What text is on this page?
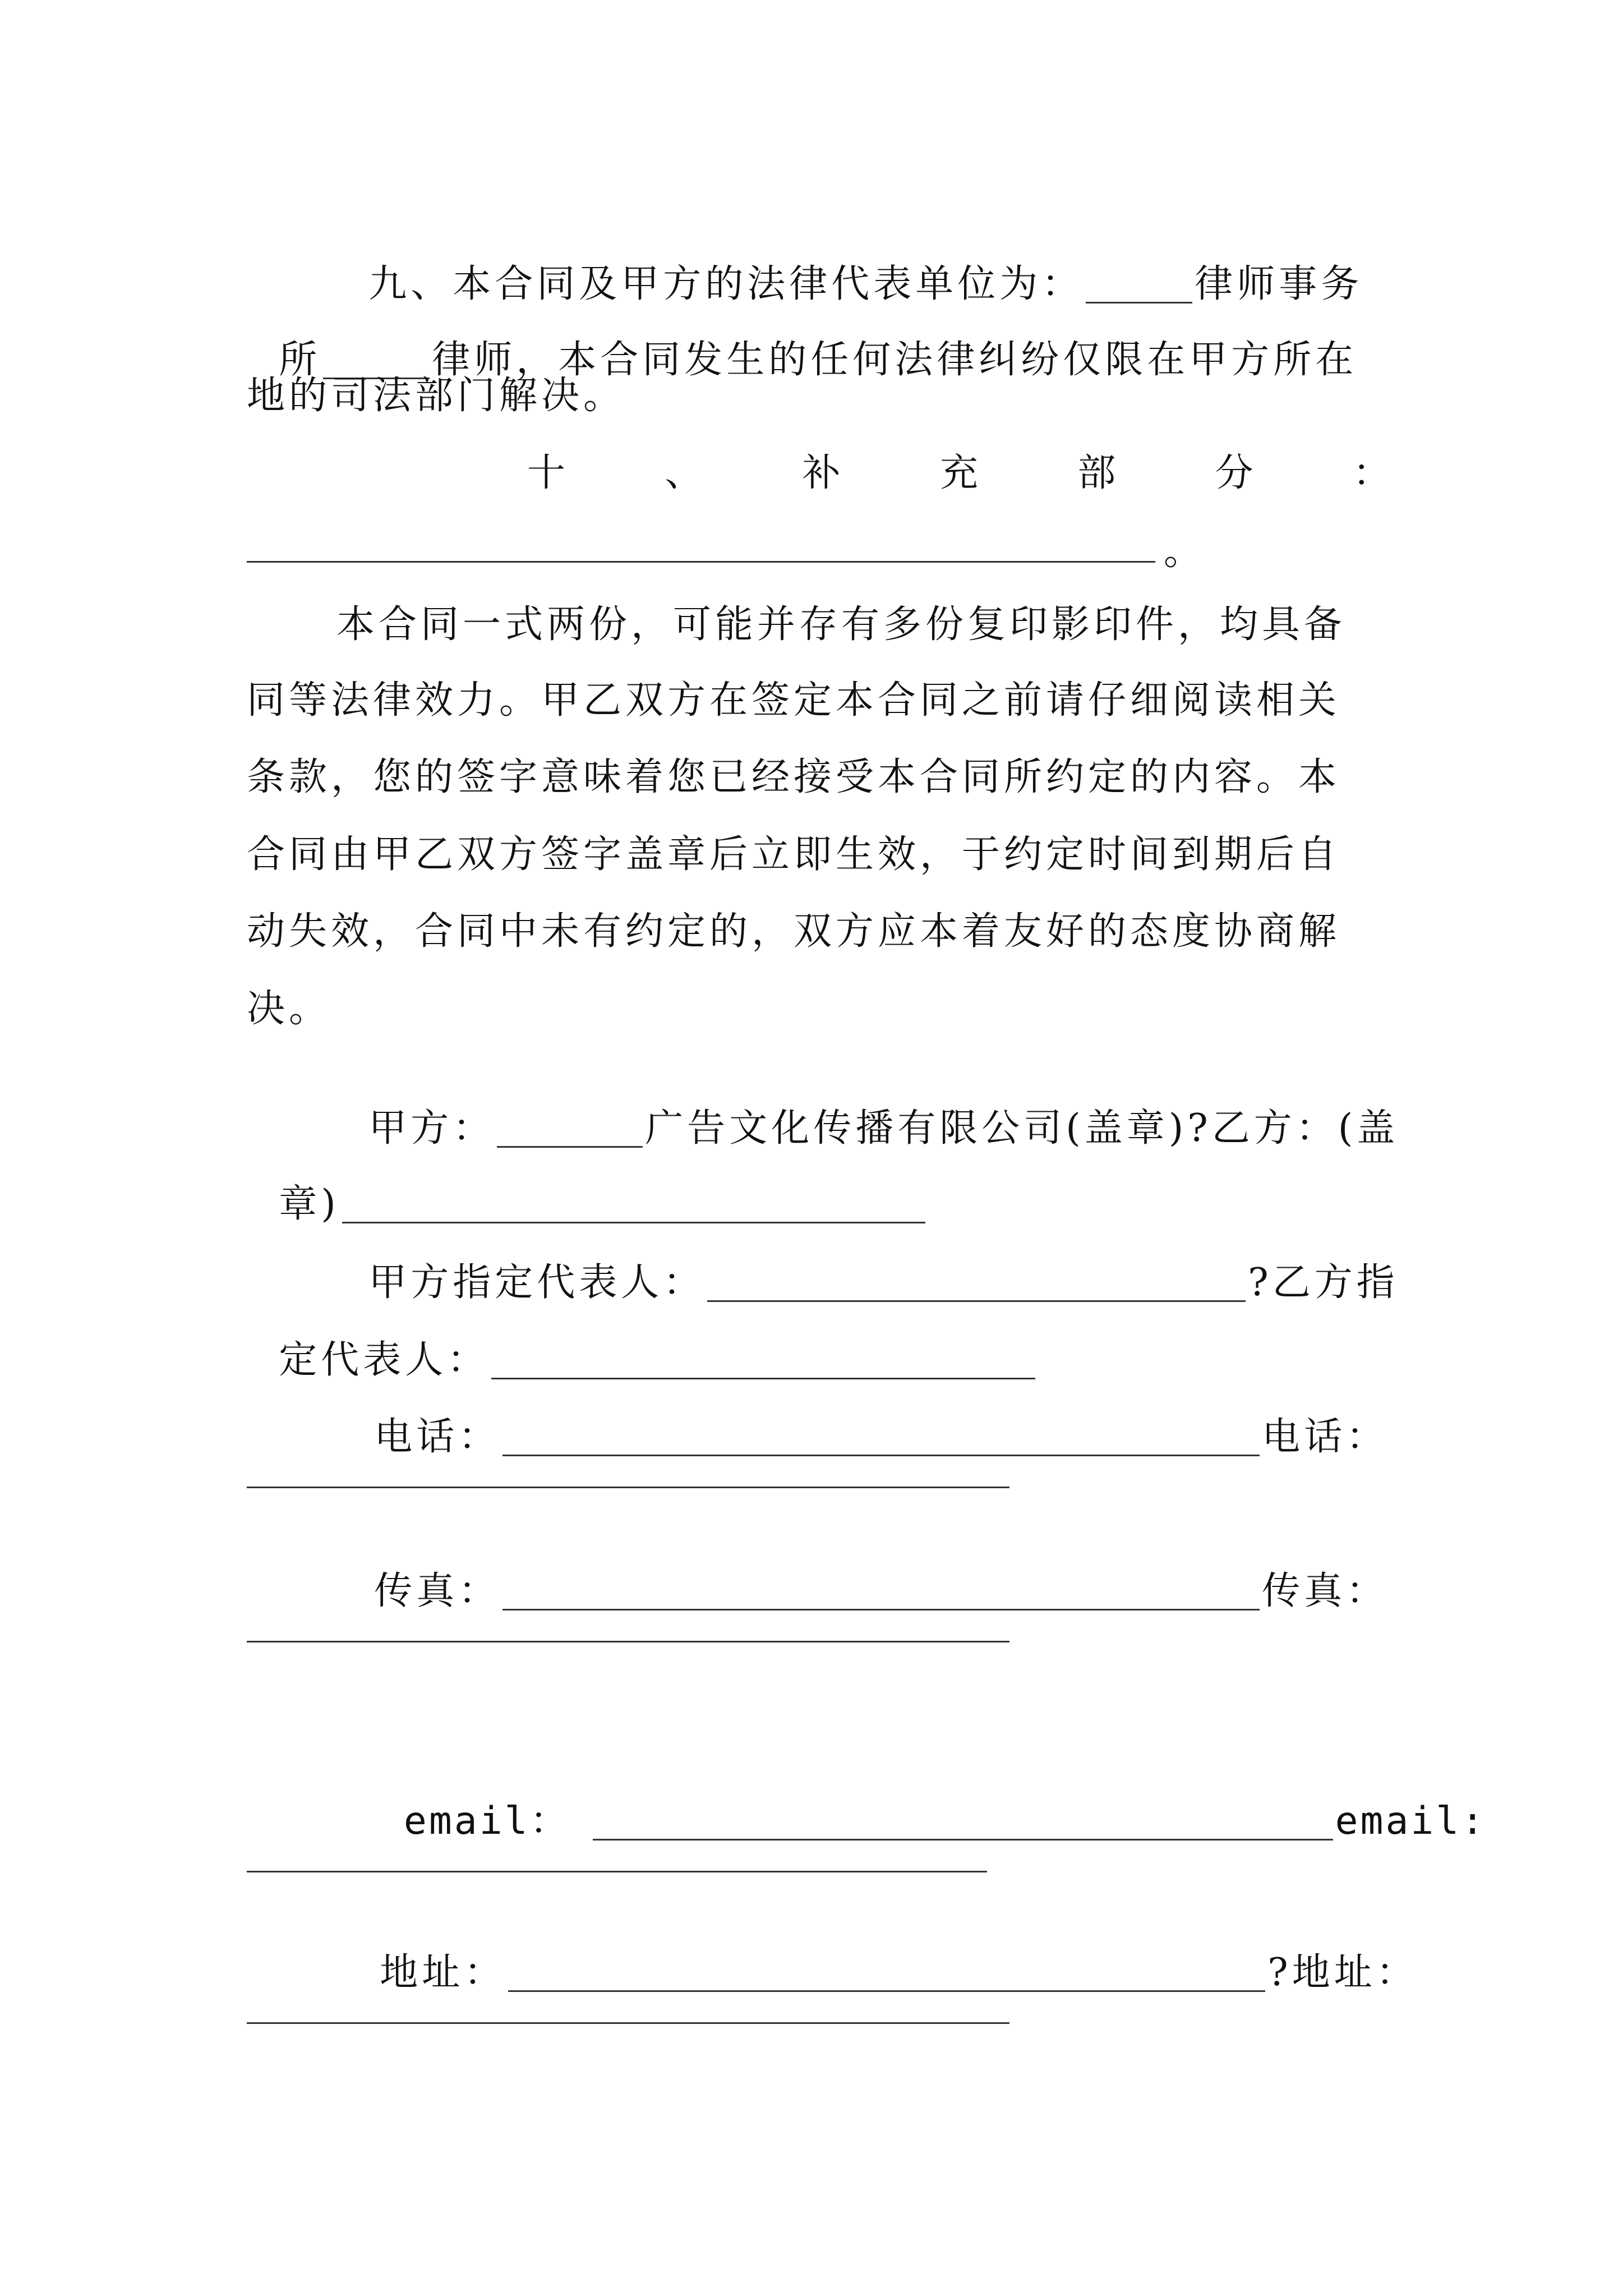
九、本合同及甲方的法律代表单位为：	律师事务

所	律师，本合同发生的任何法律纠纷仅限在甲方所在

地的司法部门解决。
十	、	补	充	部	分	：
。
本合同一式两份，可能并存有多份复印影印件，均具备
同等法律效力。甲乙双方在签定本合同之前请仔细阅读相关
条款，您的签字意味着您已经接受本合同所约定的内容。本
合同由甲乙双方签字盖章后立即生效，于约定时间到期后自
动失效，合同中未有约定的，双方应本着友好的态度协商解
决。

甲方：	广告文化传播有限公司(盖章)?乙方：(盖

章)

甲方指定代表人：	?乙方指

定代表人：

电话：	电话：

传真：	传真：

email：	email:

地址：	?地址：
